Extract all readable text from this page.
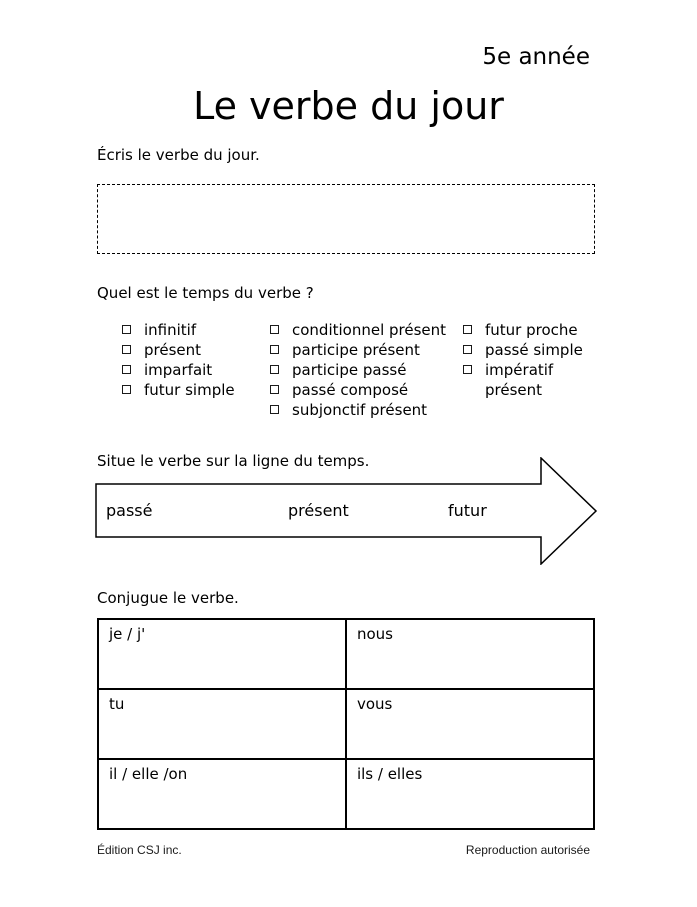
5e année
Le verbe du jour
Écris le verbe du jour.
Quel est le temps du verbe ?
infinitif
présent
imparfait
futur simple
conditionnel présent
participe présent
participe passé
passé composé
subjonctif présent
futur proche
passé simple
impératif présent
Situe le verbe sur la ligne du temps.
passé	présent	futur
Conjugue le verbe.
je / j'	nous
tu	vous
il / elle /on	ils / elles
Édition CSJ inc.	Reproduction autorisée
